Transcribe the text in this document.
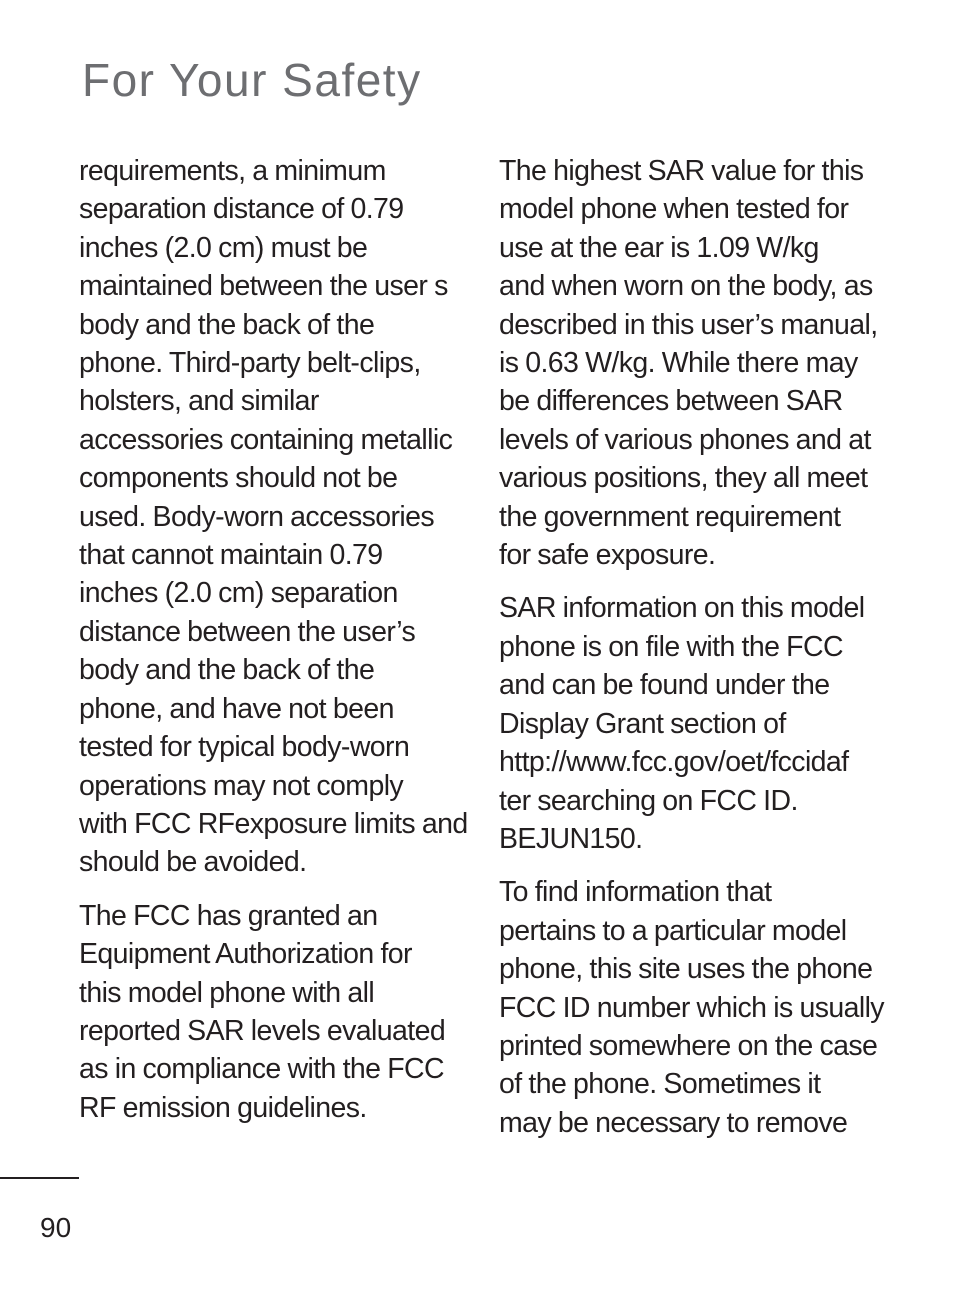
For Your Safety

requirements, a minimum
separation distance of 0.79
inches (2.0 cm) must be
maintained between the user s
body and the back of the
phone. Third-party belt-clips,
holsters, and similar
accessories containing metallic
components should not be
used. Body-worn accessories
that cannot maintain 0.79
inches (2.0 cm) separation
distance between the user’s
body and the back of the
phone, and have not been
tested for typical body-worn
operations may not comply
with FCC RFexposure limits and
should be avoided.

The FCC has granted an
Equipment Authorization for
this model phone with all
reported SAR levels evaluated
as in compliance with the FCC
RF emission guidelines.

The highest SAR value for this
model phone when tested for
use at the ear is 1.09 W/kg
and when worn on the body, as
described in this user’s manual,
is 0.63 W/kg. While there may
be differences between SAR
levels of various phones and at
various positions, they all meet
the government requirement
for safe exposure.

SAR information on this model
phone is on file with the FCC
and can be found under the
Display Grant section of
http://www.fcc.gov/oet/fccidaf
ter searching on FCC ID.
BEJUN150.

To find information that
pertains to a particular model
phone, this site uses the phone
FCC ID number which is usually
printed somewhere on the case
of the phone. Sometimes it
may be necessary to remove

90
